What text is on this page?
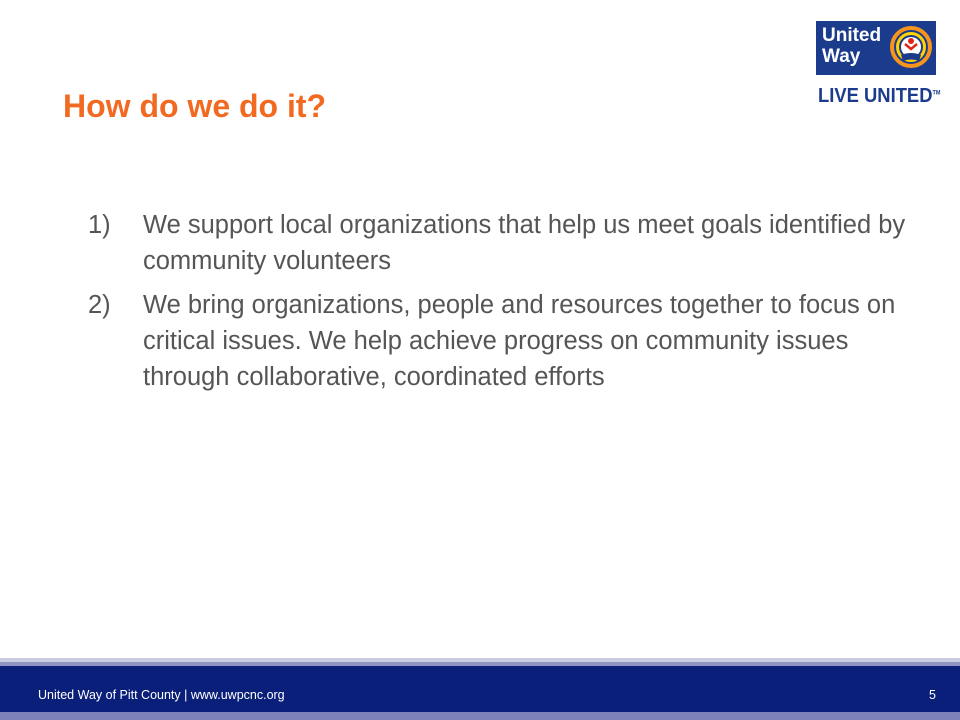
How do we do it?
United
Way
LIVE UNITED™
1) We support local organizations that help us meet goals identified by community volunteers
2) We bring organizations, people and resources together to focus on critical issues. We help achieve progress on community issues through collaborative, coordinated efforts
United Way of Pitt County | www.uwpcnc.org	5
